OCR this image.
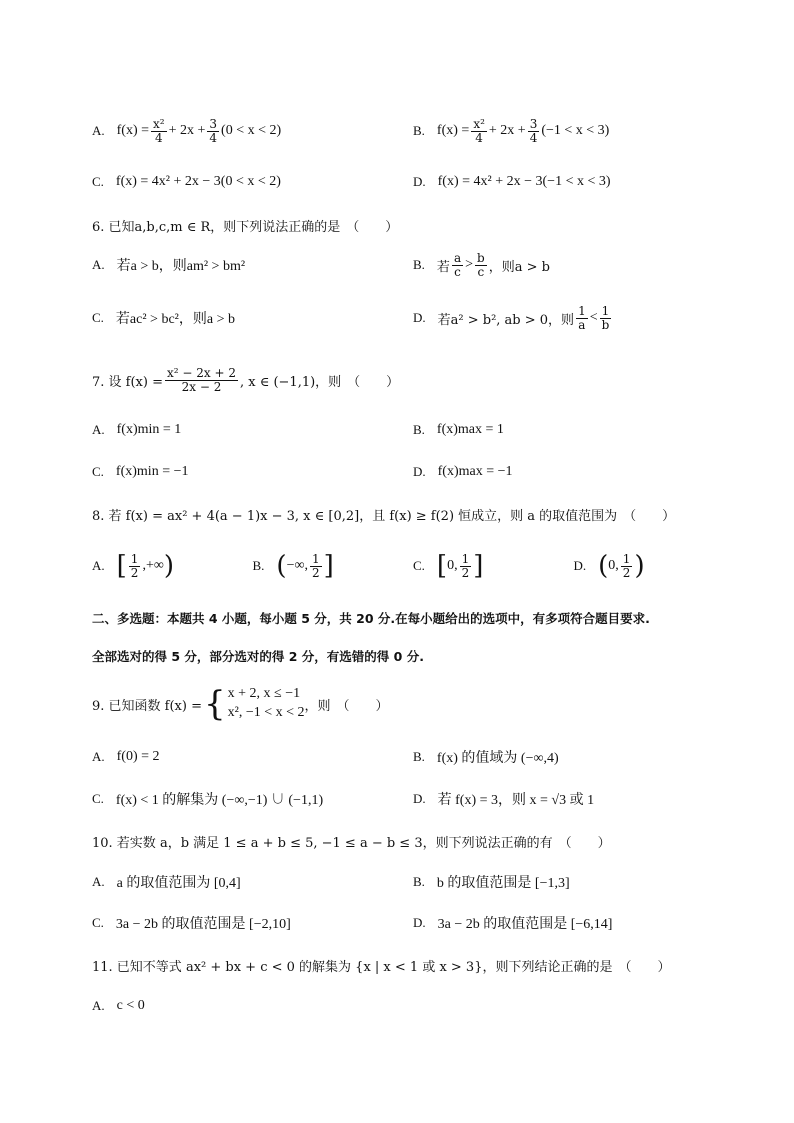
A. $f(x) = \frac{\text{x²}}{4} + 2x + \frac{3}{4} (0 < x < 2)$	B. $f(x) = \frac{\text{x²}}{4} + 2x + \frac{3}{4} (-1 < x < 3)$
C. f(x) = 4x² + 2x − 3(0 < x < 2)	D. f(x) = 4x² + 2x − 3(−1 < x < 3)
6. 已知a,b,c,m ∈ R，则下列说法正确的是 （　　）
A. 若a > b，则am² > bm²	B. 若 $\frac{a}{c} > \frac{b}{c}$ ，则a > b
C. 若ac² > bc²，则a > b	D. 若a² > b², ab > 0，则 $\frac{1}{a} < \frac{1}{b}$
7. 设 $f(x) = \frac{\text{x² − 2x + 2}}{2x - 2}$ , x ∈ (−1,1)，则 （　　）
A. f(x)min = 1	B. f(x)max = 1
C. f(x)min = −1	D. f(x)max = −1
8. 若 f(x) = ax² + 4(a − 1)x − 3, x ∈ [0,2]，且 f(x) ≥ f(2) 恒成立，则 a 的取值范围为 （　　）
A. [ $\frac{1}{2}$ ,+∞ )	B. ( −∞, $\frac{1}{2}$ ]	C. [ 0, $\frac{1}{2}$ ]	D. ( 0, $\frac{1}{2}$ )
二、多选题：本题共 4 小题，每小题 5 分，共 20 分.在每小题给出的选项中，有多项符合题目要求.
全部选对的得 5 分，部分选对的得 2 分，有选错的得 0 分.
9. 已知函数 f(x) = { x + 2, x ≤ −1
x², −1 < x < 2 ，则 （　　）
A. f(0) = 2	B. f(x) 的值域为 (−∞,4)
C. f(x) < 1 的解集为 (−∞,−1) ∪ (−1,1)	D. 若 f(x) = 3，则 x = √3 或 1
10. 若实数 a，b 满足 1 ≤ a + b ≤ 5, −1 ≤ a − b ≤ 3，则下列说法正确的有 （　　）
A. a 的取值范围为 [0,4]	B. b 的取值范围是 [−1,3]
C. 3a − 2b 的取值范围是 [−2,10]	D. 3a − 2b 的取值范围是 [−6,14]
11. 已知不等式 ax² + bx + c < 0 的解集为 {x | x < 1 或 x > 3}，则下列结论正确的是 （　　）
A. c < 0
